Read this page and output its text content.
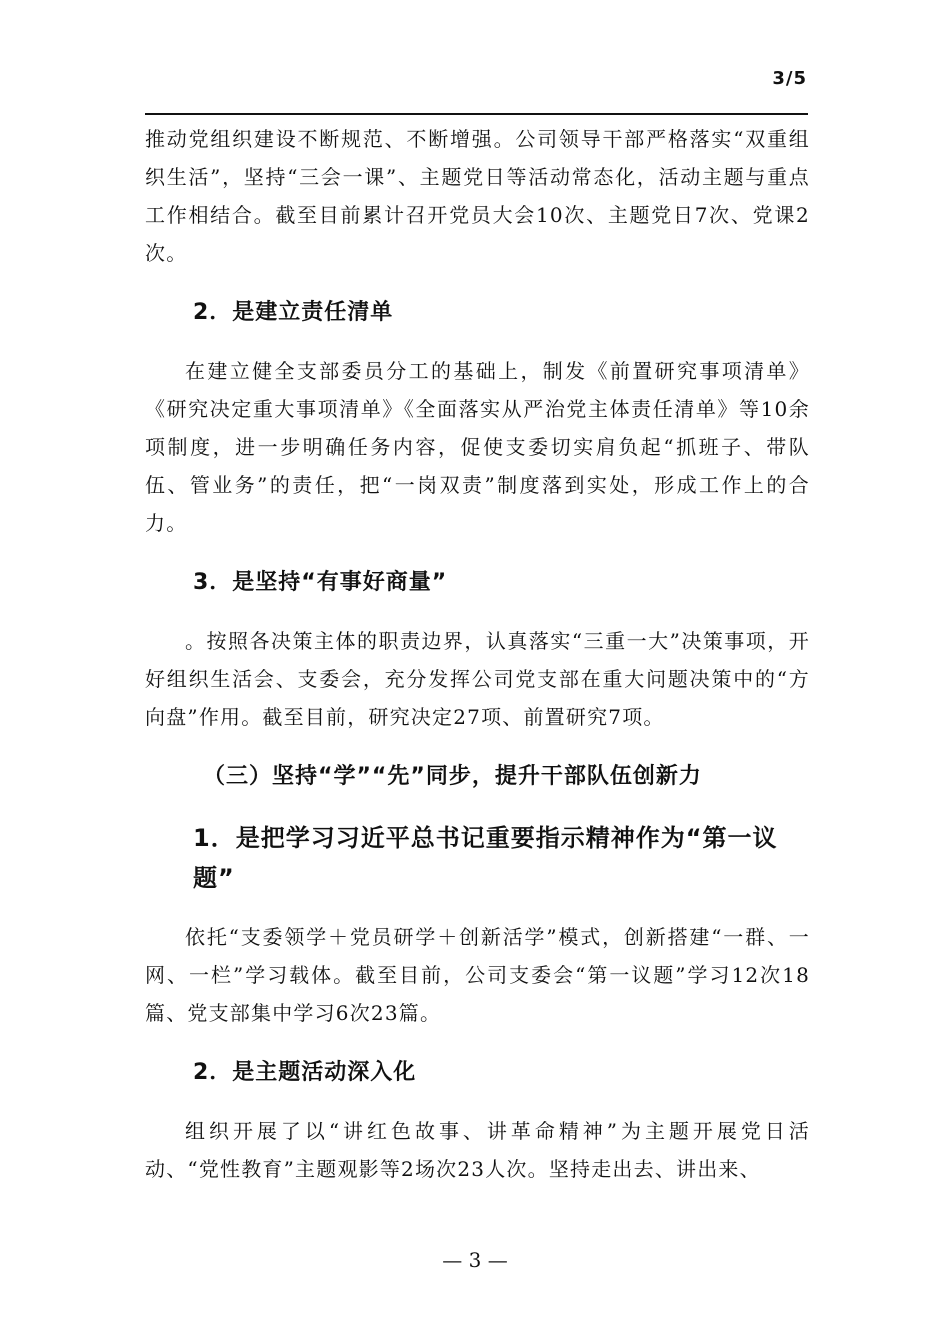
3/5

推动党组织建设不断规范、不断增强。公司领导干部严格落实“双重组织生活”，坚持“三会一课”、主题党日等活动常态化，活动主题与重点工作相结合。截至目前累计召开党员大会10次、主题党日7次、党课2次。

2．是建立责任清单

在建立健全支部委员分工的基础上，制发《前置研究事项清单》《研究决定重大事项清单》《全面落实从严治党主体责任清单》等10余项制度，进一步明确任务内容，促使支委切实肩负起“抓班子、带队伍、管业务”的责任，把“一岗双责”制度落到实处，形成工作上的合力。

3．是坚持“有事好商量”

。按照各决策主体的职责边界，认真落实“三重一大”决策事项，开好组织生活会、支委会，充分发挥公司党支部在重大问题决策中的“方向盘”作用。截至目前，研究决定27项、前置研究7项。

（三）坚持“学”“先”同步，提升干部队伍创新力
1．是把学习习近平总书记重要指示精神作为“第一议题”

依托“支委领学＋党员研学＋创新活学”模式，创新搭建“一群、一网、一栏”学习载体。截至目前，公司支委会“第一议题”学习12次18篇、党支部集中学习6次23篇。

2．是主题活动深入化

组织开展了以“讲红色故事、讲革命精神”为主题开展党日活动、“党性教育”主题观影等2场次23人次。坚持走出去、讲出来、

— 3 —
